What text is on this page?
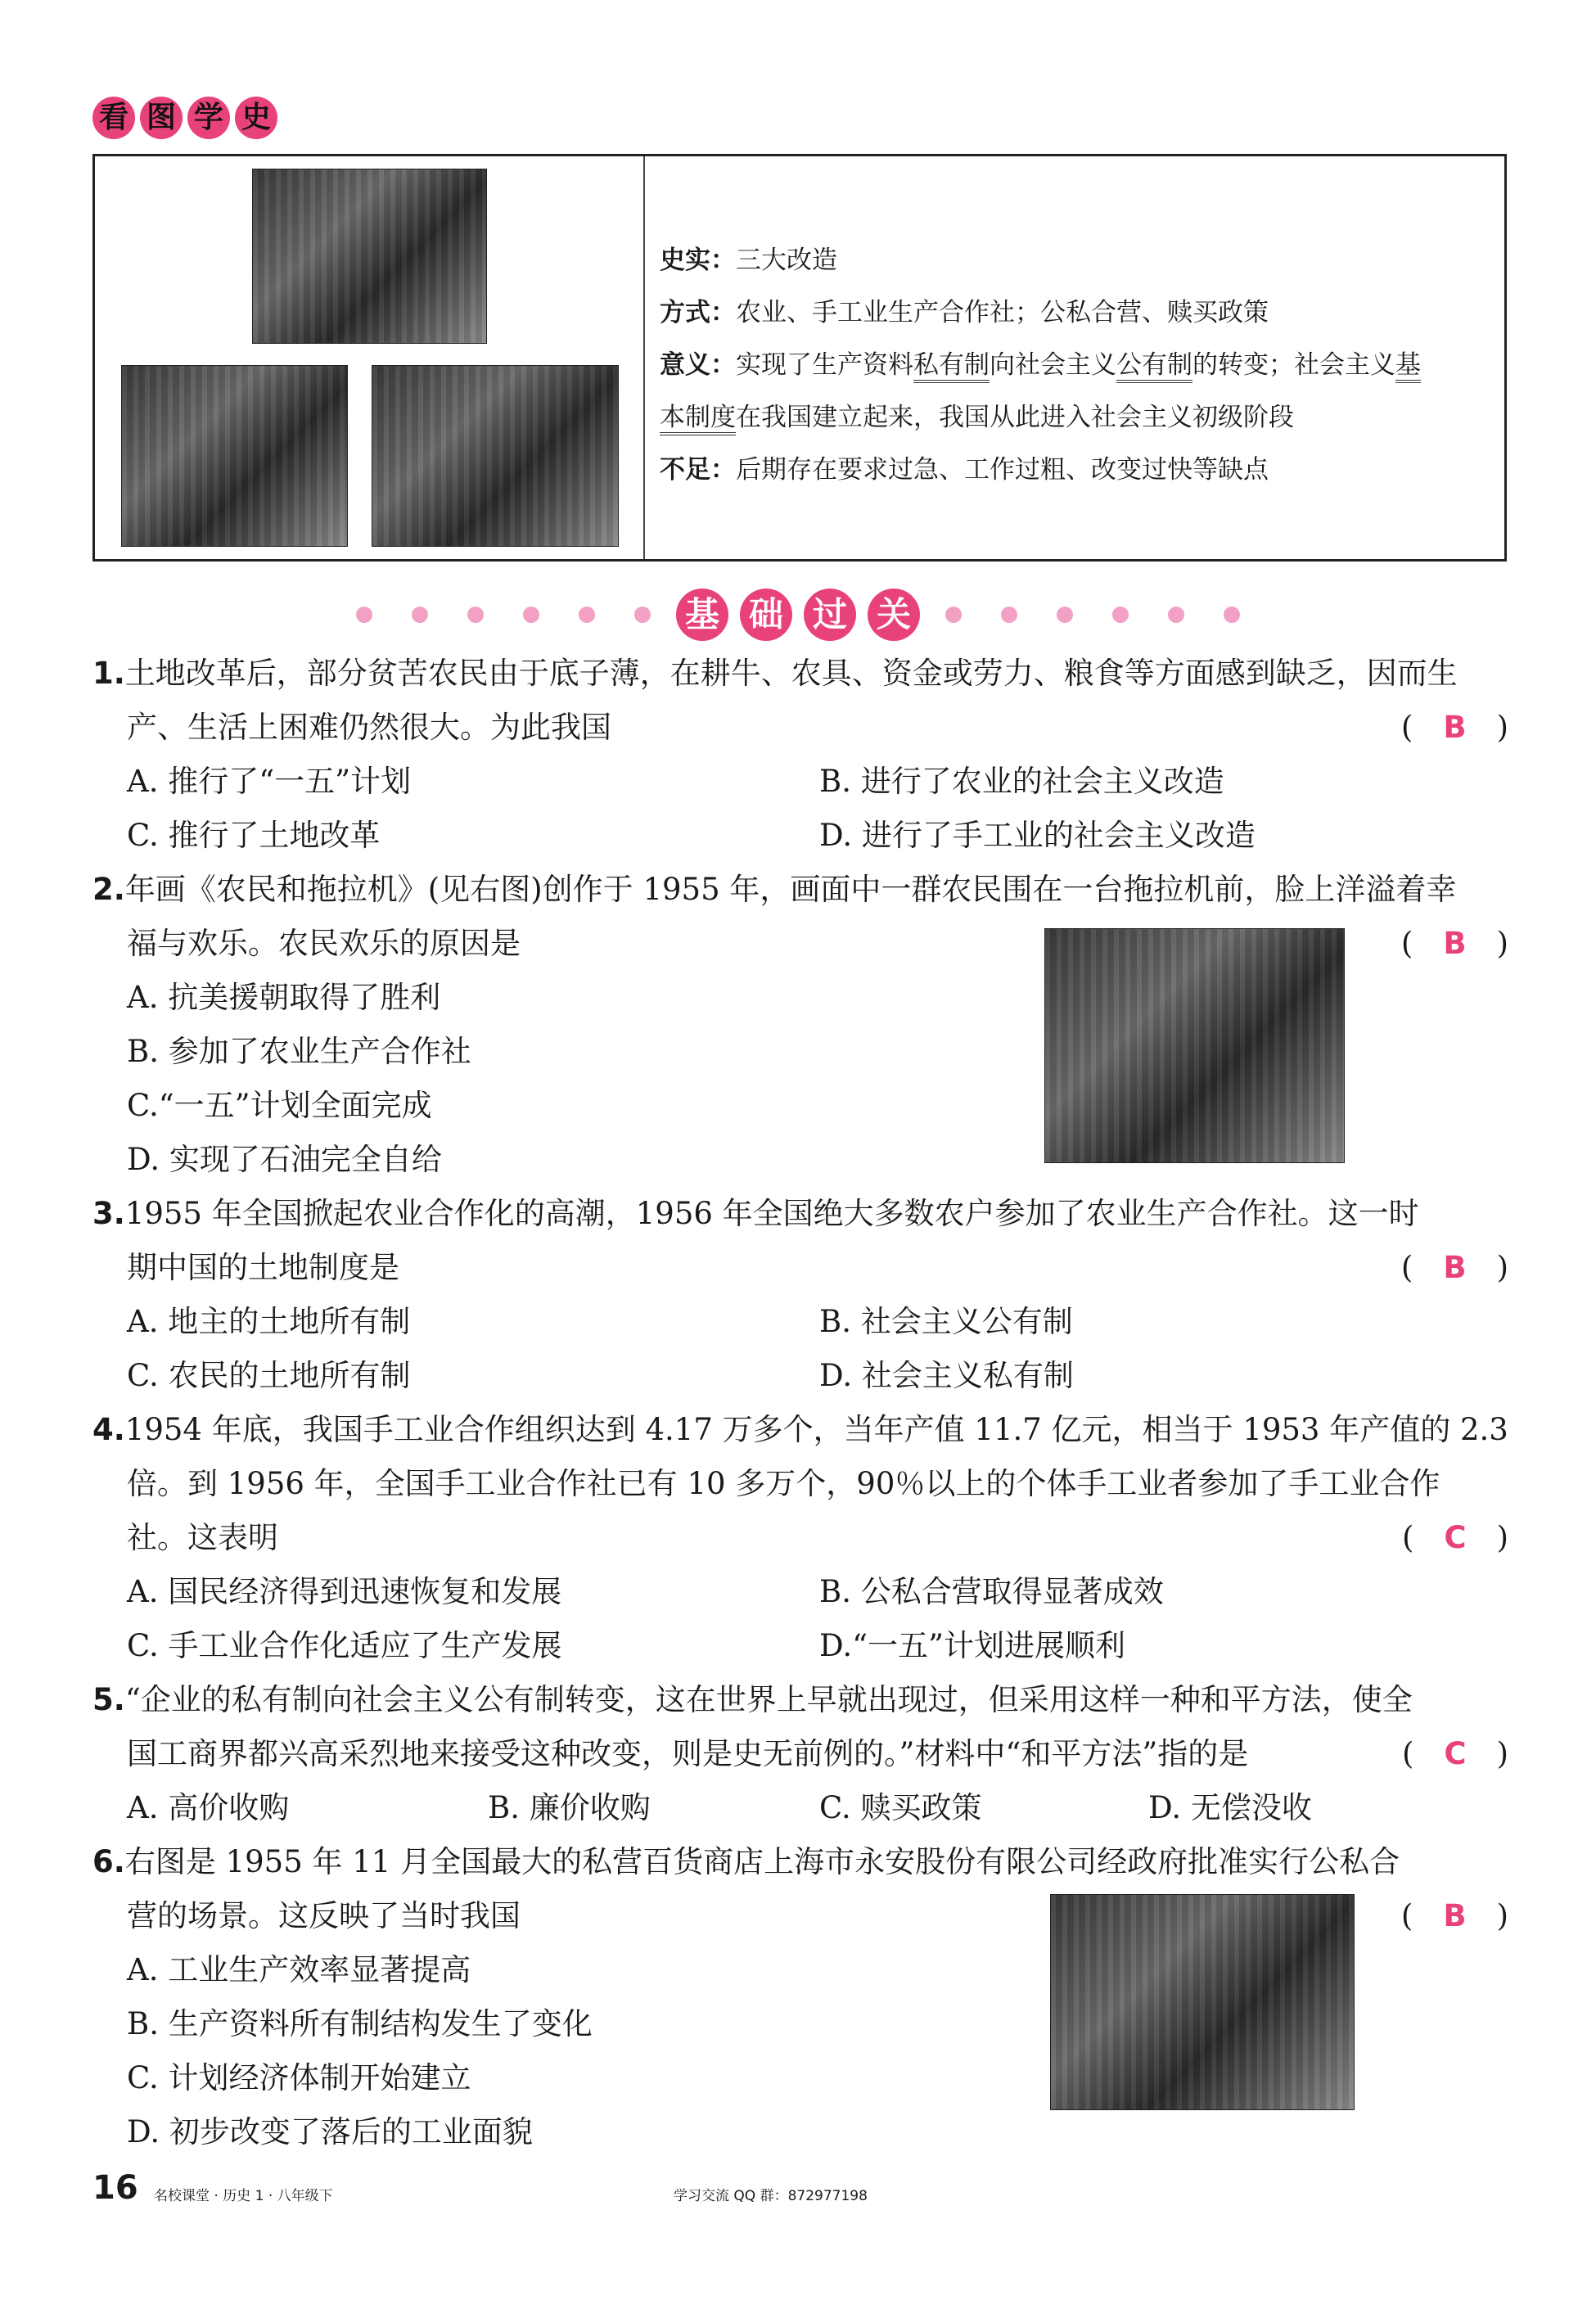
看 图 学 史
史实：三大改造
方式：农业、手工业生产合作社；公私合营、赎买政策
意义：实现了生产资料私有制向社会主义公有制的转变；社会主义基
本制度在我国建立起来，我国从此进入社会主义初级阶段
不足：后期存在要求过急、工作过粗、改变过快等缺点
基 础 过 关
1.土地改革后，部分贫苦农民由于底子薄，在耕牛、农具、资金或劳力、粮食等方面感到缺乏，因而生
产、生活上困难仍然很大。为此我国	(　 B　 )
A. 推行了“一五”计划	B. 进行了农业的社会主义改造
C. 推行了土地改革	D. 进行了手工业的社会主义改造
2.年画《农民和拖拉机》(见右图)创作于 1955 年，画面中一群农民围在一台拖拉机前，脸上洋溢着幸
福与欢乐。农民欢乐的原因是	(　 B　 )
A. 抗美援朝取得了胜利
B. 参加了农业生产合作社
C.“一五”计划全面完成
D. 实现了石油完全自给
3.1955 年全国掀起农业合作化的高潮，1956 年全国绝大多数农户参加了农业生产合作社。这一时
期中国的土地制度是	(　 B　 )
A. 地主的土地所有制	B. 社会主义公有制
C. 农民的土地所有制	D. 社会主义私有制
4.1954 年底，我国手工业合作组织达到 4.17 万多个，当年产值 11.7 亿元，相当于 1953 年产值的 2.3
倍。到 1956 年，全国手工业合作社已有 10 多万个，90％以上的个体手工业者参加了手工业合作
社。这表明	(　 C　 )
A. 国民经济得到迅速恢复和发展	B. 公私合营取得显著成效
C. 手工业合作化适应了生产发展	D.“一五”计划进展顺利
5.“企业的私有制向社会主义公有制转变，这在世界上早就出现过，但采用这样一种和平方法，使全
国工商界都兴高采烈地来接受这种改变，则是史无前例的。”材料中“和平方法”指的是	(　 C　 )
A. 高价收购	B. 廉价收购	C. 赎买政策	D. 无偿没收
6.右图是 1955 年 11 月全国最大的私营百货商店上海市永安股份有限公司经政府批准实行公私合
营的场景。这反映了当时我国	(　 B　 )
A. 工业生产效率显著提高
B. 生产资料所有制结构发生了变化
C. 计划经济体制开始建立
D. 初步改变了落后的工业面貌
16 名校课堂 · 历史 1 · 八年级下	学习交流 QQ 群：872977198
